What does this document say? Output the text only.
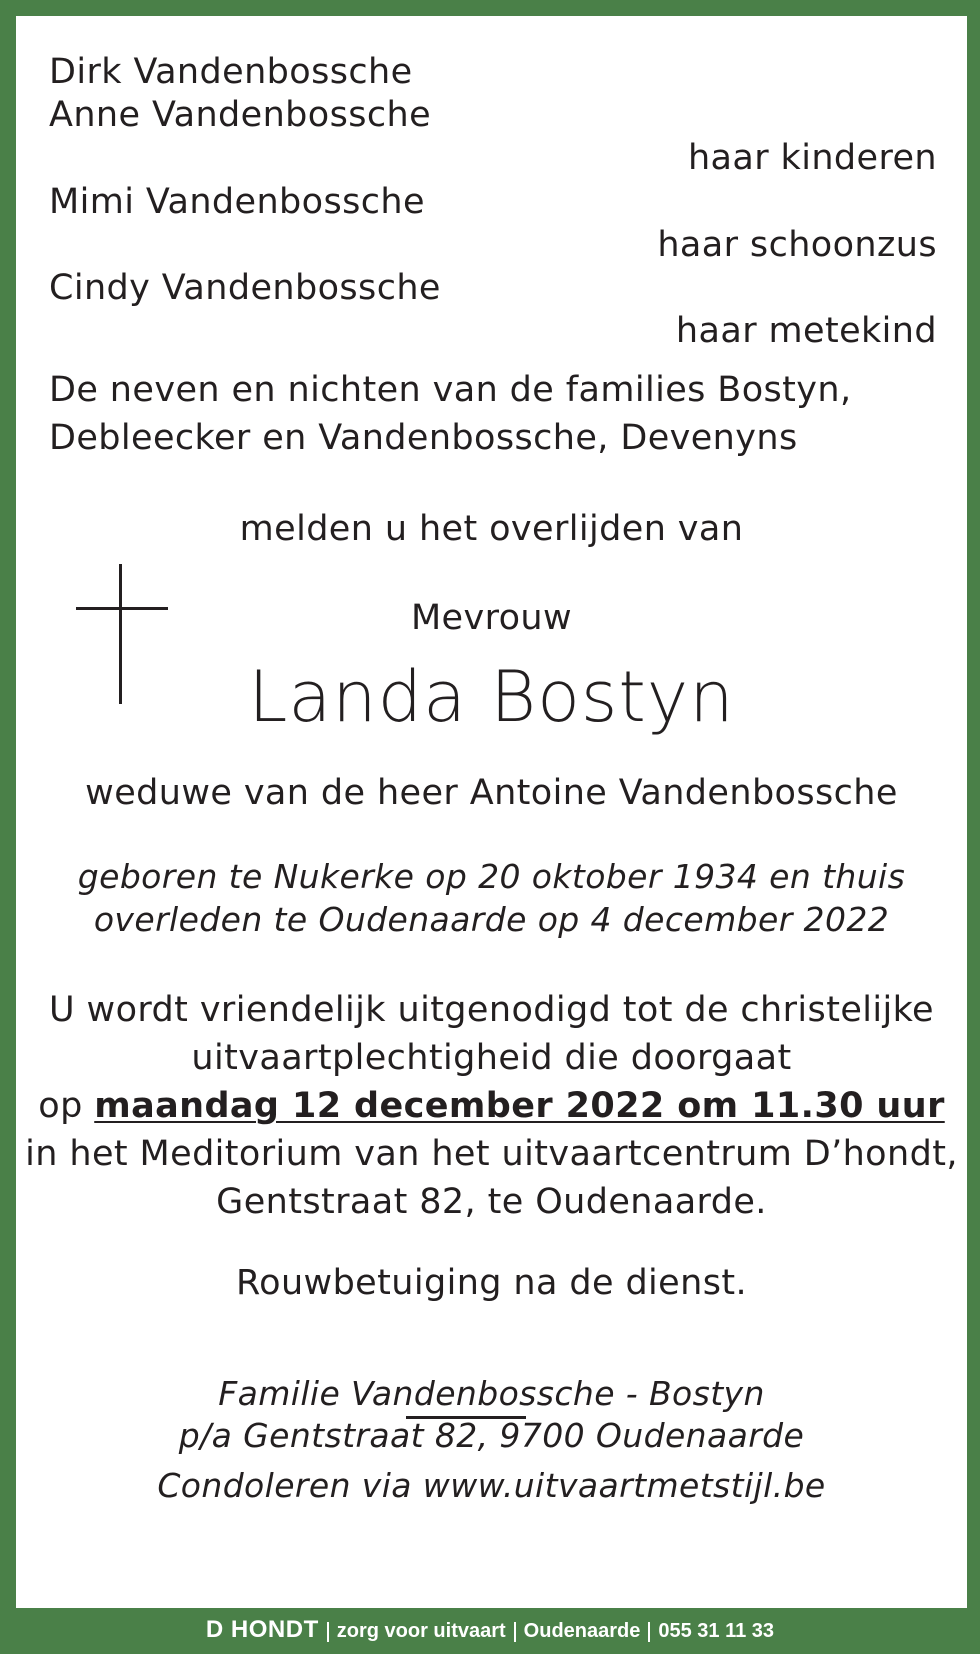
Dirk Vandenbossche
Anne Vandenbossche
haar kinderen
Mimi Vandenbossche
haar schoonzus
Cindy Vandenbossche
haar metekind
De neven en nichten van de families Bostyn,
Debleecker en Vandenbossche, Devenyns
melden u het overlijden van
Mevrouw
Landa Bostyn
weduwe van de heer Antoine Vandenbossche
geboren te Nukerke op 20 oktober 1934 en thuis
overleden te Oudenaarde op 4 december 2022
U wordt vriendelijk uitgenodigd tot de christelijke
uitvaartplechtigheid die doorgaat
op maandag 12 december 2022 om 11.30 uur
in het Meditorium van het uitvaartcentrum D’hondt,
Gentstraat 82, te Oudenaarde.
Rouwbetuiging na de dienst.
Familie Vandenbossche - Bostyn
p/a Gentstraat 82, 9700 Oudenaarde
Condoleren via www.uitvaartmetstijl.be
D HONDT zorg voor uitvaart Oudenaarde 055 31 11 33
